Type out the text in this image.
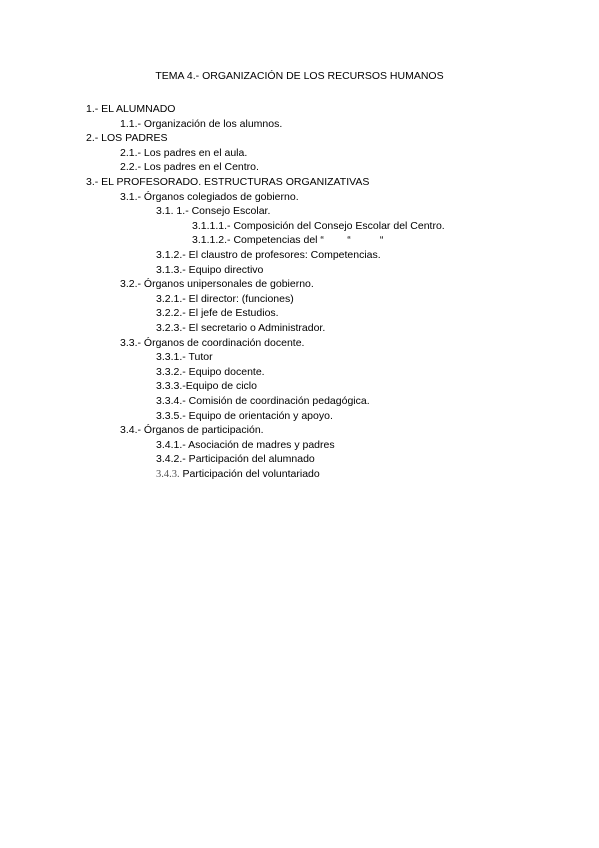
TEMA 4.- ORGANIZACIÓN DE LOS RECURSOS HUMANOS
1.- EL ALUMNADO
1.1.- Organización de los alumnos.
2.- LOS PADRES
2.1.- Los padres en el aula.
2.2.- Los padres en el Centro.
3.- EL PROFESORADO. ESTRUCTURAS ORGANIZATIVAS
3.1.- Órganos colegiados de gobierno.
3.1. 1.- Consejo Escolar.
3.1.1.1.- Composición del Consejo Escolar del Centro.
3.1.1.2.- Competencias del “        “          “
3.1.2.- El claustro de profesores: Competencias.
3.1.3.- Equipo directivo
3.2.- Órganos unipersonales de gobierno.
3.2.1.- El director: (funciones)
3.2.2.- El jefe de Estudios.
3.2.3.- El secretario o Administrador.
3.3.- Órganos de coordinación docente.
3.3.1.- Tutor
3.3.2.- Equipo docente.
3.3.3.-Equipo de ciclo
3.3.4.- Comisión de coordinación pedagógica.
3.3.5.- Equipo de orientación y apoyo.
3.4.- Órganos de participación.
3.4.1.- Asociación de madres y padres
3.4.2.- Participación del alumnado
3.4.3. Participación del voluntariado
